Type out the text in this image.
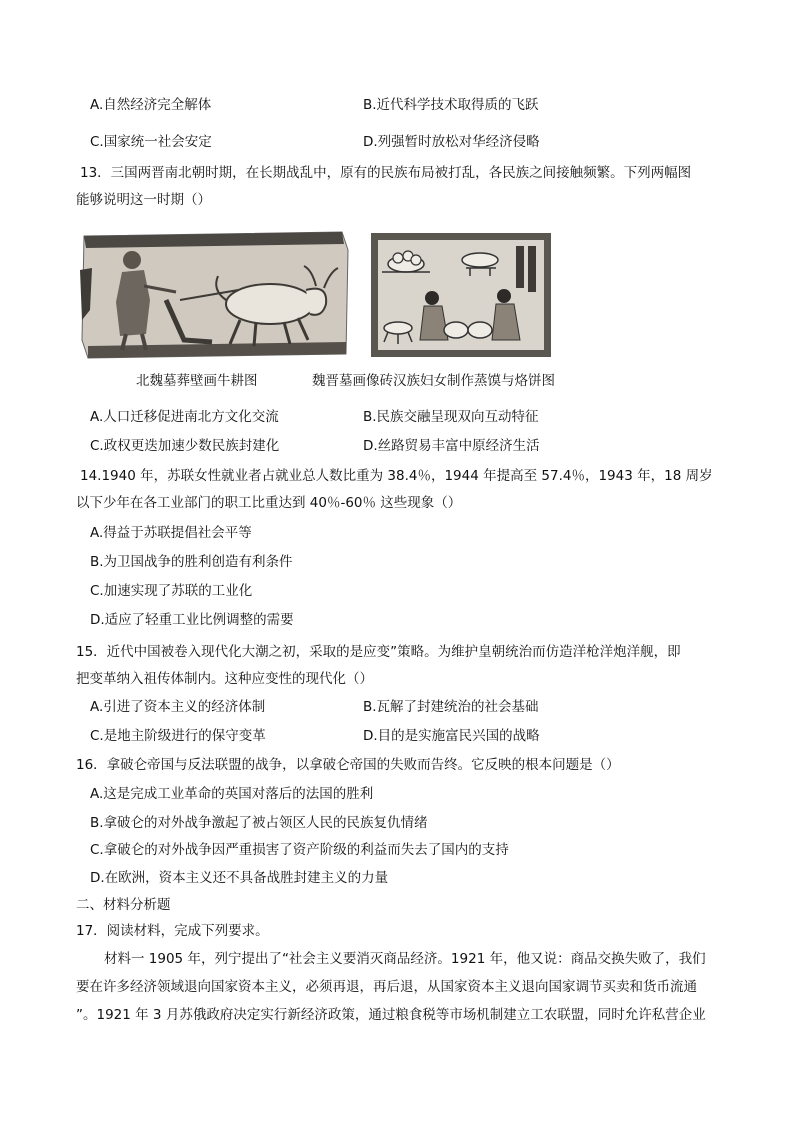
A.自然经济完全解体	B.近代科学技术取得质的飞跃
C.国家统一社会安定	D.列强暂时放松对华经济侵略
13．三国两晋南北朝时期，在长期战乱中，原有的民族布局被打乱，各民族之间接触频繁。下列两幅图
能够说明这一时期（）
北魏墓葬壁画牛耕图	魏晋墓画像砖汉族妇女制作蒸馍与烙饼图
A.人口迁移促进南北方文化交流	B.民族交融呈现双向互动特征
C.政权更迭加速少数民族封建化	D.丝路贸易丰富中原经济生活
14.1940 年，苏联女性就业者占就业总人数比重为 38.4％，1944 年提高至 57.4％，1943 年，18 周岁
以下少年在各工业部门的职工比重达到 40％-60％ 这些现象（）
A.得益于苏联提倡社会平等
B.为卫国战争的胜利创造有利条件
C.加速实现了苏联的工业化
D.适应了轻重工业比例调整的需要
15．近代中国被卷入现代化大潮之初，采取的是应变”策略。为维护皇朝统治而仿造洋枪洋炮洋舰，即
把变革纳入祖传体制内。这种应变性的现代化（）
A.引进了资本主义的经济体制	B.瓦解了封建统治的社会基础
C.是地主阶级进行的保守变革	D.目的是实施富民兴国的战略
16．拿破仑帝国与反法联盟的战争，以拿破仑帝国的失败而告终。它反映的根本问题是（）
A.这是完成工业革命的英国对落后的法国的胜利
B.拿破仑的对外战争激起了被占领区人民的民族复仇情绪
C.拿破仑的对外战争因严重损害了资产阶级的利益而失去了国内的支持
D.在欧洲，资本主义还不具备战胜封建主义的力量
二、材料分析题
17．阅读材料，完成下列要求。
材料一 1905 年，列宁提出了“社会主义要消灭商品经济。1921 年，他又说：商品交换失败了，我们
要在许多经济领域退向国家资本主义，必须再退，再后退，从国家资本主义退向国家调节买卖和货币流通
”。1921 年 3 月苏俄政府决定实行新经济政策，通过粮食税等市场机制建立工农联盟，同时允许私营企业
